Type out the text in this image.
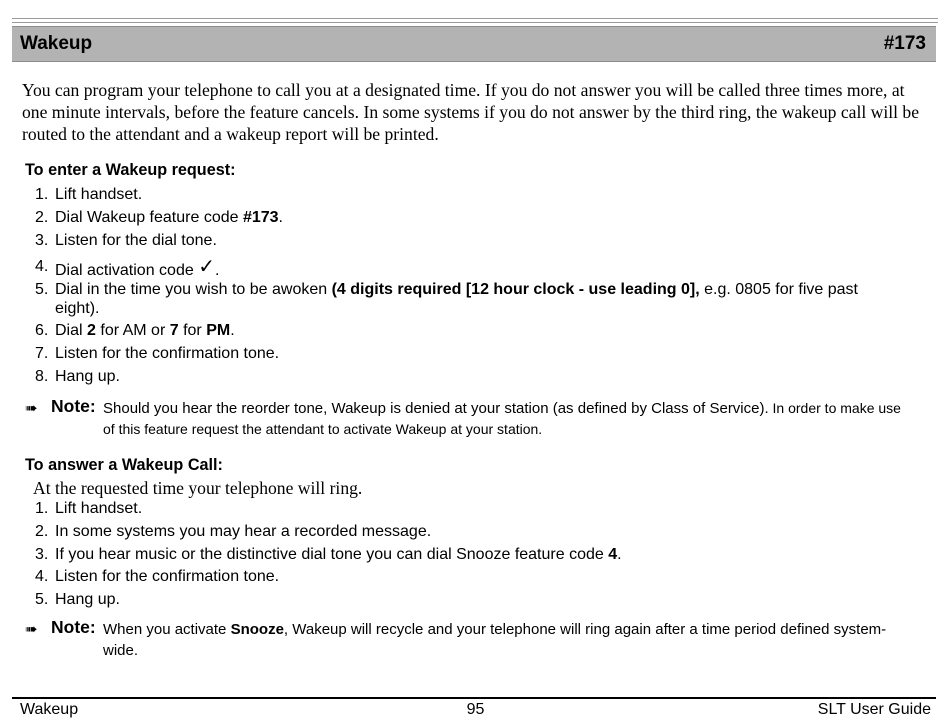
Wakeup	#173

You can program your telephone to call you at a designated time. If you do not answer you will be called three times more, at one minute intervals, before the feature cancels. In some systems if you do not answer by the third ring, the wakeup call will be routed to the attendant and a wakeup report will be printed.

To enter a Wakeup request:
1. Lift handset.
2. Dial Wakeup feature code #173.
3. Listen for the dial tone.
4. Dial activation code ✓.
5. Dial in the time you wish to be awoken (4 digits required [12 hour clock - use leading 0], e.g. 0805 for five past eight).
6. Dial 2 for AM or 7 for PM.
7. Listen for the confirmation tone.
8. Hang up.
➠ Note: Should you hear the reorder tone, Wakeup is denied at your station (as defined by Class of Service). In order to make use of this feature request the attendant to activate Wakeup at your station.
To answer a Wakeup Call:

At the requested time your telephone will ring.

1. Lift handset.
2. In some systems you may hear a recorded message.
3. If you hear music or the distinctive dial tone you can dial Snooze feature code 4.
4. Listen for the confirmation tone.
5. Hang up.
➠ Note: When you activate Snooze, Wakeup will recycle and your telephone will ring again after a time period defined system-wide.
Wakeup	95	SLT User Guide
